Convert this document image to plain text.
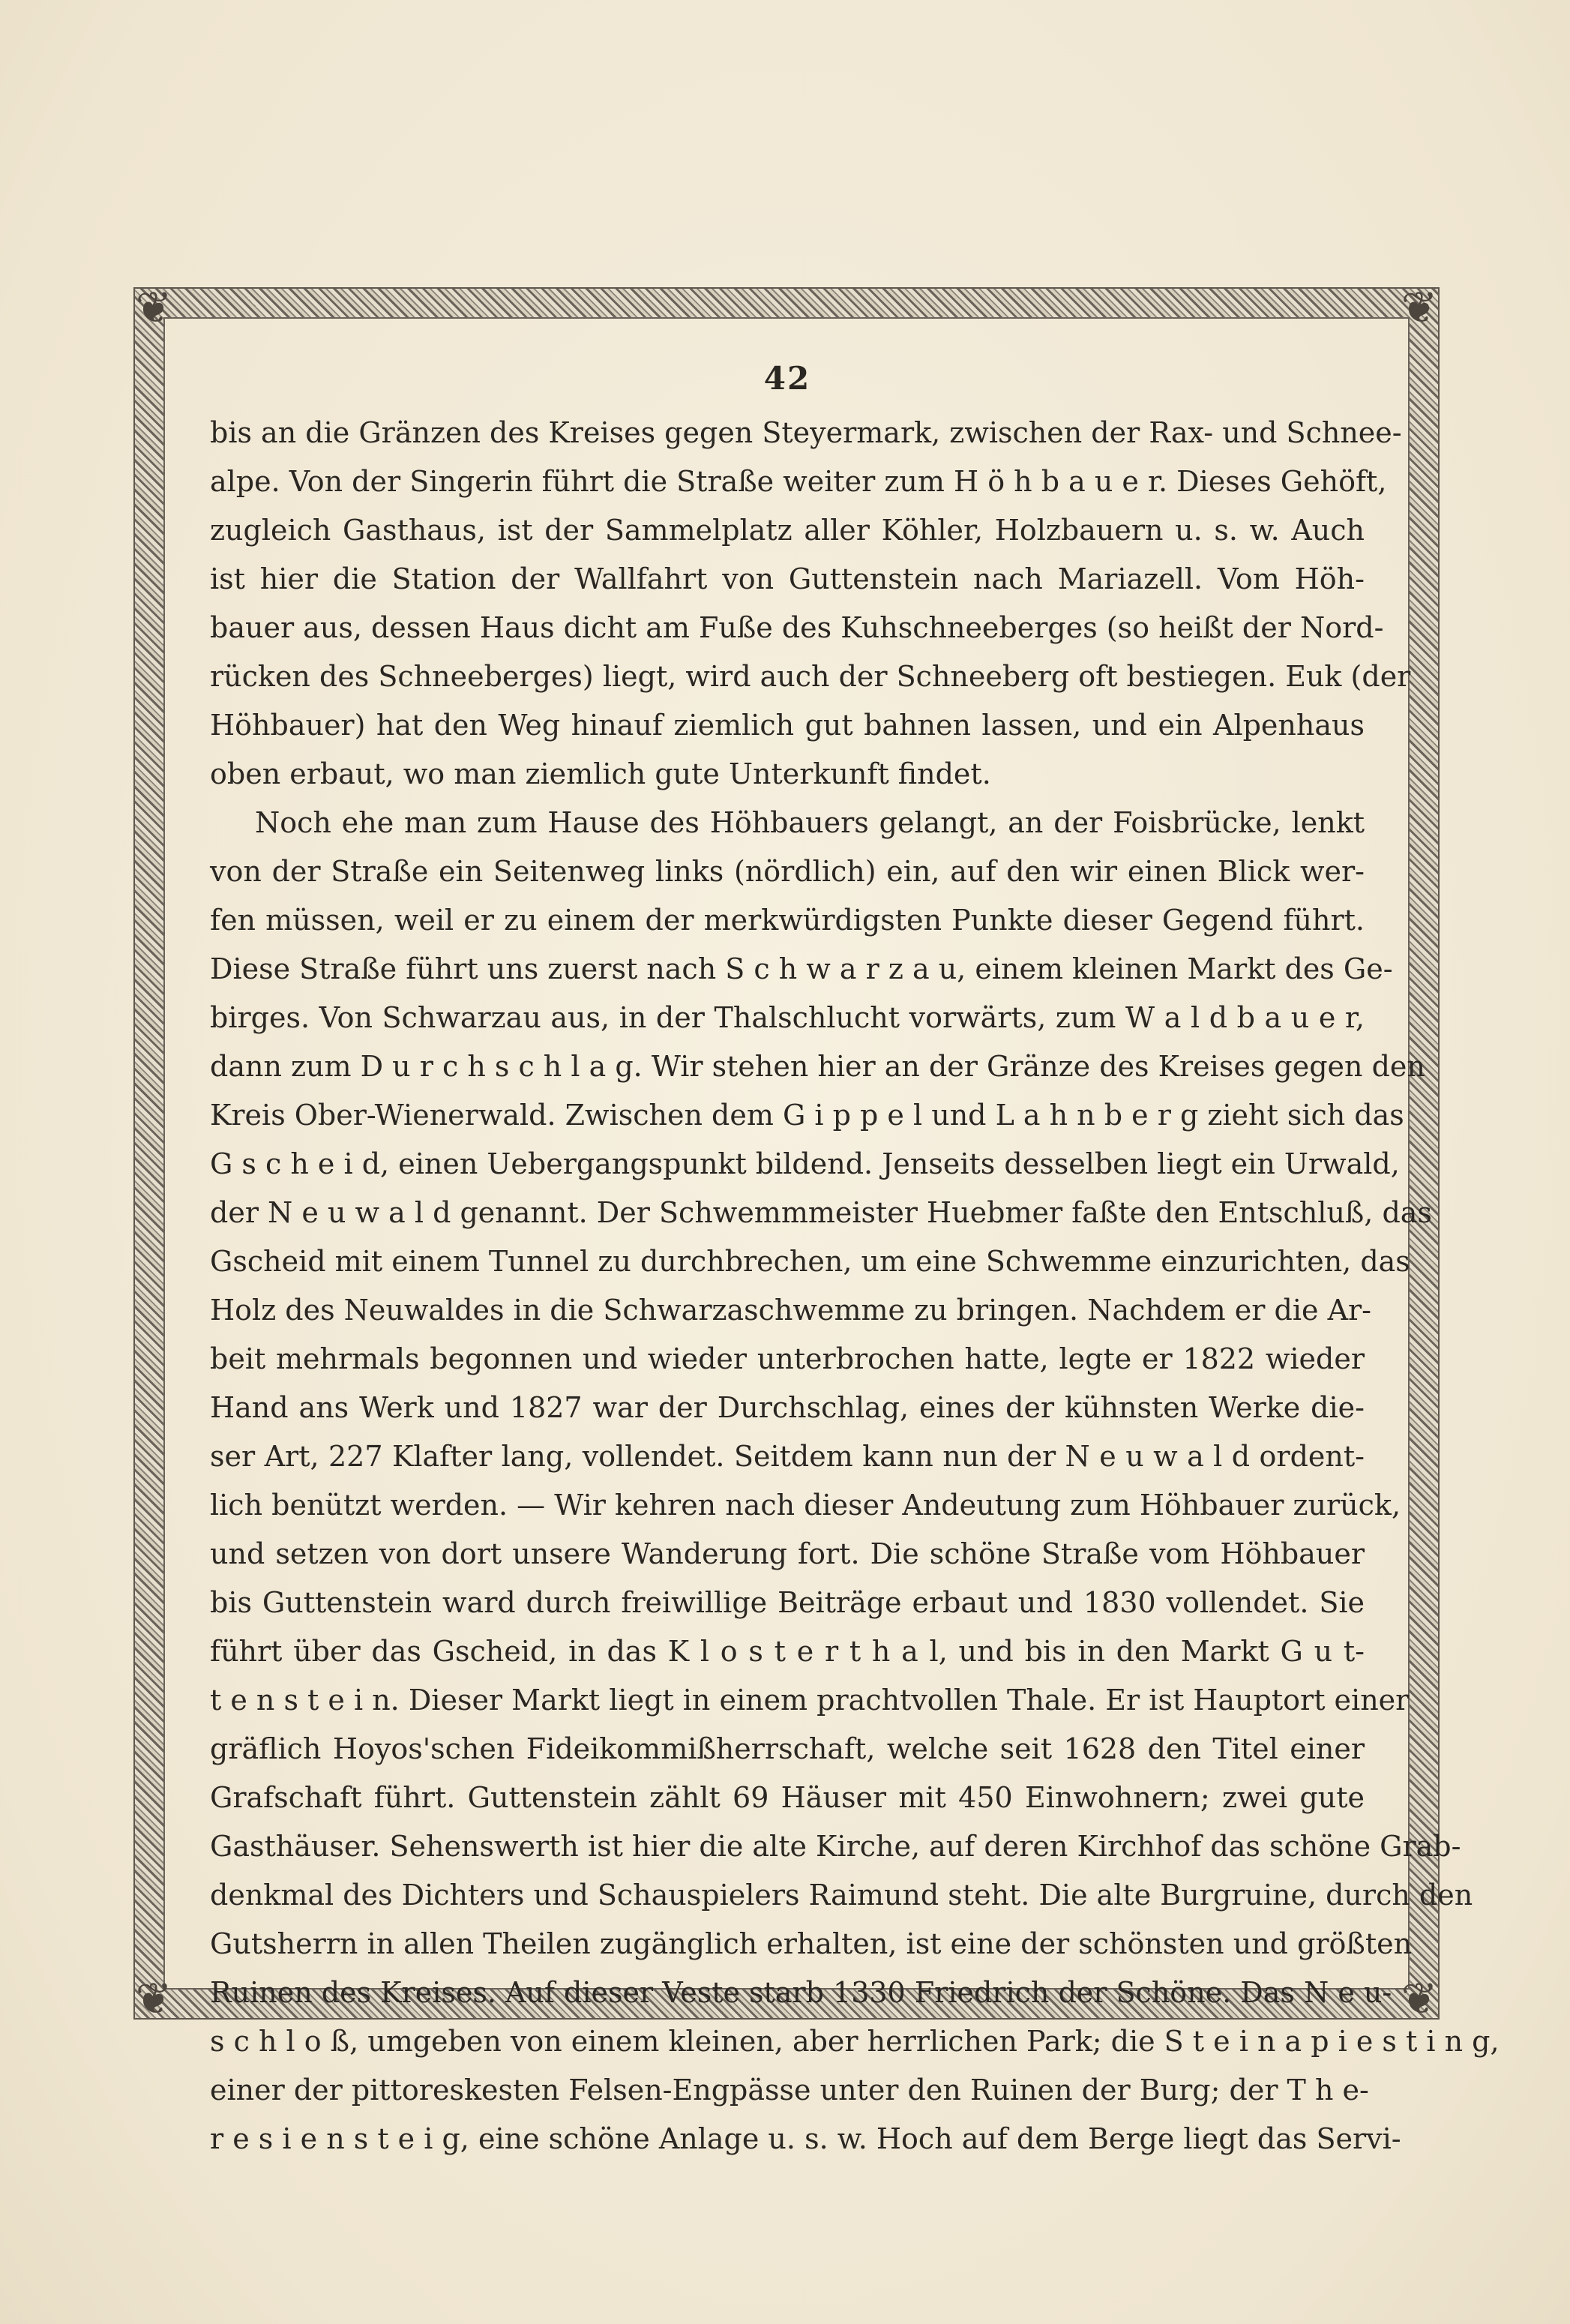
❦	❦
❦	❦
42

bis an die Gränzen des Kreises gegen Steyermark, zwischen der Rax- und Schnee-

alpe. Von der Singerin führt die Straße weiter zum H ö h b a u e r. Dieses Gehöft,

zugleich Gasthaus, ist der Sammelplatz aller Köhler, Holzbauern u. s. w. Auch

ist hier die Station der Wallfahrt von Guttenstein nach Mariazell. Vom Höh-

bauer aus, dessen Haus dicht am Fuße des Kuhschneeberges (so heißt der Nord-

rücken des Schneeberges) liegt, wird auch der Schneeberg oft bestiegen. Euk (der

Höhbauer) hat den Weg hinauf ziemlich gut bahnen lassen, und ein Alpenhaus

oben erbaut, wo man ziemlich gute Unterkunft findet.

Noch ehe man zum Hause des Höhbauers gelangt, an der Foisbrücke, lenkt

von der Straße ein Seitenweg links (nördlich) ein, auf den wir einen Blick wer-

fen müssen, weil er zu einem der merkwürdigsten Punkte dieser Gegend führt.

Diese Straße führt uns zuerst nach S c h w a r z a u, einem kleinen Markt des Ge-

birges. Von Schwarzau aus, in der Thalschlucht vorwärts, zum W a l d b a u e r,

dann zum D u r c h s c h l a g. Wir stehen hier an der Gränze des Kreises gegen den

Kreis Ober-Wienerwald. Zwischen dem G i p p e l und L a h n b e r g zieht sich das

G s c h e i d, einen Uebergangspunkt bildend. Jenseits desselben liegt ein Urwald,

der N e u w a l d genannt. Der Schwemmmeister Huebmer faßte den Entschluß, das

Gscheid mit einem Tunnel zu durchbrechen, um eine Schwemme einzurichten, das

Holz des Neuwaldes in die Schwarzaschwemme zu bringen. Nachdem er die Ar-

beit mehrmals begonnen und wieder unterbrochen hatte, legte er 1822 wieder

Hand ans Werk und 1827 war der Durchschlag, eines der kühnsten Werke die-

ser Art, 227 Klafter lang, vollendet. Seitdem kann nun der N e u w a l d ordent-

lich benützt werden. — Wir kehren nach dieser Andeutung zum Höhbauer zurück,

und setzen von dort unsere Wanderung fort. Die schöne Straße vom Höhbauer

bis Guttenstein ward durch freiwillige Beiträge erbaut und 1830 vollendet. Sie

führt über das Gscheid, in das K l o s t e r t h a l, und bis in den Markt G u t-

t e n s t e i n. Dieser Markt liegt in einem prachtvollen Thale. Er ist Hauptort einer

gräflich Hoyos'schen Fideikommißherrschaft, welche seit 1628 den Titel einer

Grafschaft führt. Guttenstein zählt 69 Häuser mit 450 Einwohnern; zwei gute

Gasthäuser. Sehenswerth ist hier die alte Kirche, auf deren Kirchhof das schöne Grab-

denkmal des Dichters und Schauspielers Raimund steht. Die alte Burgruine, durch den

Gutsherrn in allen Theilen zugänglich erhalten, ist eine der schönsten und größten

Ruinen des Kreises. Auf dieser Veste starb 1330 Friedrich der Schöne. Das N e u-

s c h l o ß, umgeben von einem kleinen, aber herrlichen Park; die S t e i n a p i e s t i n g,

einer der pittoreskesten Felsen-Engpässe unter den Ruinen der Burg; der T h e-

r e s i e n s t e i g, eine schöne Anlage u. s. w. Hoch auf dem Berge liegt das Servi-
